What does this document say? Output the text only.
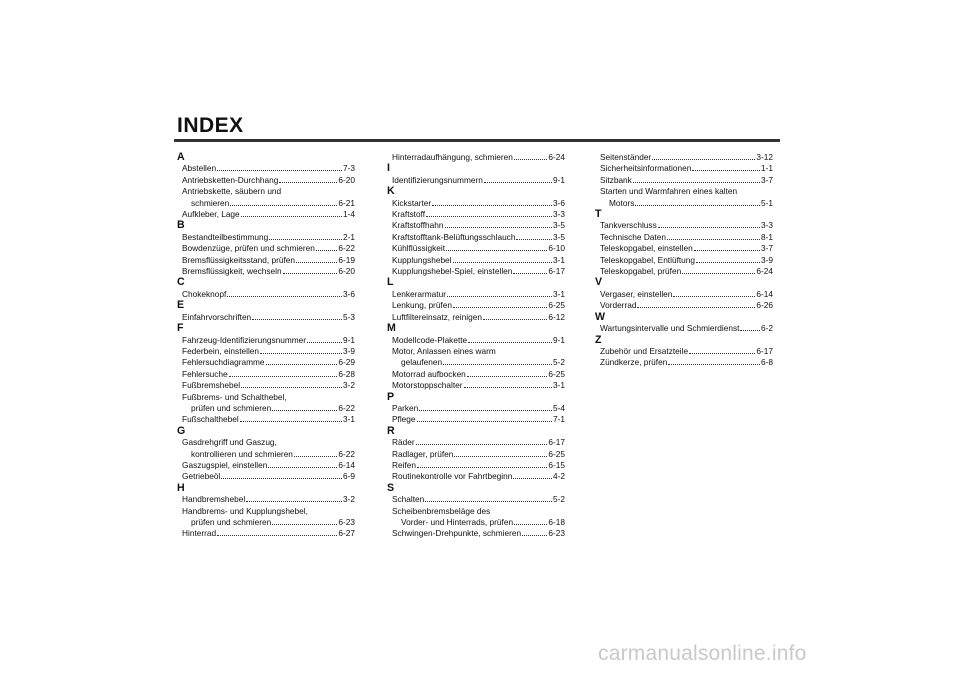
INDEX
A
Abstellen	7-3
Antriebsketten-Durchhang	6-20
Antriebskette, säubern und
schmieren	6-21
Aufkleber, Lage	1-4
B
Bestandteilbestimmung	2-1
Bowdenzüge, prüfen und schmieren	6-22
Bremsflüssigkeitsstand, prüfen	6-19
Bremsflüssigkeit, wechseln	6-20
C
Chokeknopf	3-6
E
Einfahrvorschriften	5-3
F
Fahrzeug-Identifizierungsnummer	9-1
Federbein, einstellen	3-9
Fehlersuchdiagramme	6-29
Fehlersuche	6-28
Fußbremshebel	3-2
Fußbrems- und Schalthebel,
prüfen und schmieren	6-22
Fußschalthebel	3-1
G
Gasdrehgriff und Gaszug,
kontrollieren und schmieren	6-22
Gaszugspiel, einstellen	6-14
Getriebeöl	6-9
H
Handbremshebel	3-2
Handbrems- und Kupplungshebel,
prüfen und schmieren	6-23
Hinterrad	6-27
Hinterradaufhängung, schmieren	6-24
I
Identifizierungsnummern	9-1
K
Kickstarter	3-6
Kraftstoff	3-3
Kraftstoffhahn	3-5
Kraftstofftank-Belüftungsschlauch	3-5
Kühlflüssigkeit	6-10
Kupplungshebel	3-1
Kupplungshebel-Spiel, einstellen	6-17
L
Lenkerarmatur	3-1
Lenkung, prüfen	6-25
Luftfiltereinsatz, reinigen	6-12
M
Modellcode-Plakette	9-1
Motor, Anlassen eines warm
gelaufenen	5-2
Motorrad aufbocken	6-25
Motorstoppschalter	3-1
P
Parken	5-4
Pflege	7-1
R
Räder	6-17
Radlager, prüfen	6-25
Reifen	6-15
Routinekontrolle vor Fahrtbeginn	4-2
S
Schalten	5-2
Scheibenbremsbeläge des
Vorder- und Hinterrads, prüfen	6-18
Schwingen-Drehpunkte, schmieren	6-23
Seitenständer	3-12
Sicherheitsinformationen	1-1
Sitzbank	3-7
Starten und Warmfahren eines kalten
Motors	5-1
T
Tankverschluss	3-3
Technische Daten	8-1
Teleskopgabel, einstellen	3-7
Teleskopgabel, Entlüftung	3-9
Teleskopgabel, prüfen	6-24
V
Vergaser, einstellen	6-14
Vorderrad	6-26
W
Wartungsintervalle und Schmierdienst	6-2
Z
Zubehör und Ersatzteile	6-17
Zündkerze, prüfen	6-8
carmanualsonline.info
